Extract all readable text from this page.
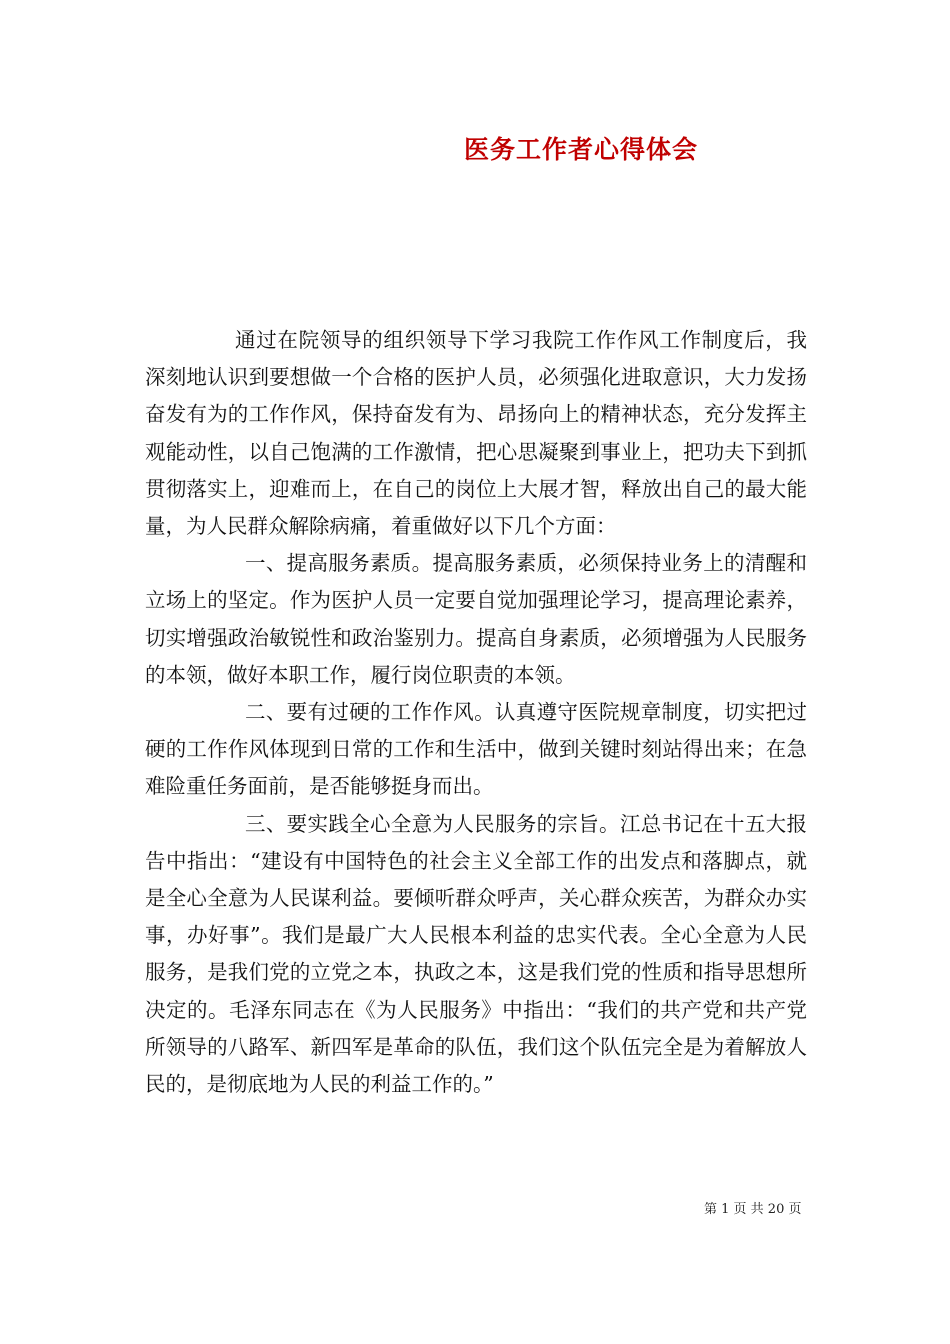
医务工作者心得体会

通过在院领导的组织领导下学习我院工作作风工作制度后，我深刻地认识到要想做一个合格的医护人员，必须强化进取意识，大力发扬奋发有为的工作作风，保持奋发有为、昂扬向上的精神状态，充分发挥主观能动性，以自己饱满的工作激情，把心思凝聚到事业上，把功夫下到抓贯彻落实上，迎难而上，在自己的岗位上大展才智，释放出自己的最大能量，为人民群众解除病痛，着重做好以下几个方面：

一、提高服务素质。提高服务素质，必须保持业务上的清醒和立场上的坚定。作为医护人员一定要自觉加强理论学习，提高理论素养，切实增强政治敏锐性和政治鉴别力。提高自身素质，必须增强为人民服务的本领，做好本职工作，履行岗位职责的本领。

二、要有过硬的工作作风。认真遵守医院规章制度，切实把过硬的工作作风体现到日常的工作和生活中，做到关键时刻站得出来；在急难险重任务面前，是否能够挺身而出。

三、要实践全心全意为人民服务的宗旨。江总书记在十五大报告中指出：“建设有中国特色的社会主义全部工作的出发点和落脚点，就是全心全意为人民谋利益。要倾听群众呼声，关心群众疾苦，为群众办实事，办好事”。我们是最广大人民根本利益的忠实代表。全心全意为人民服务，是我们党的立党之本，执政之本，这是我们党的性质和指导思想所决定的。毛泽东同志在《为人民服务》中指出：“我们的共产党和共产党所领导的八路军、新四军是革命的队伍，我们这个队伍完全是为着解放人民的，是彻底地为人民的利益工作的。”

第 1 页 共 20 页
